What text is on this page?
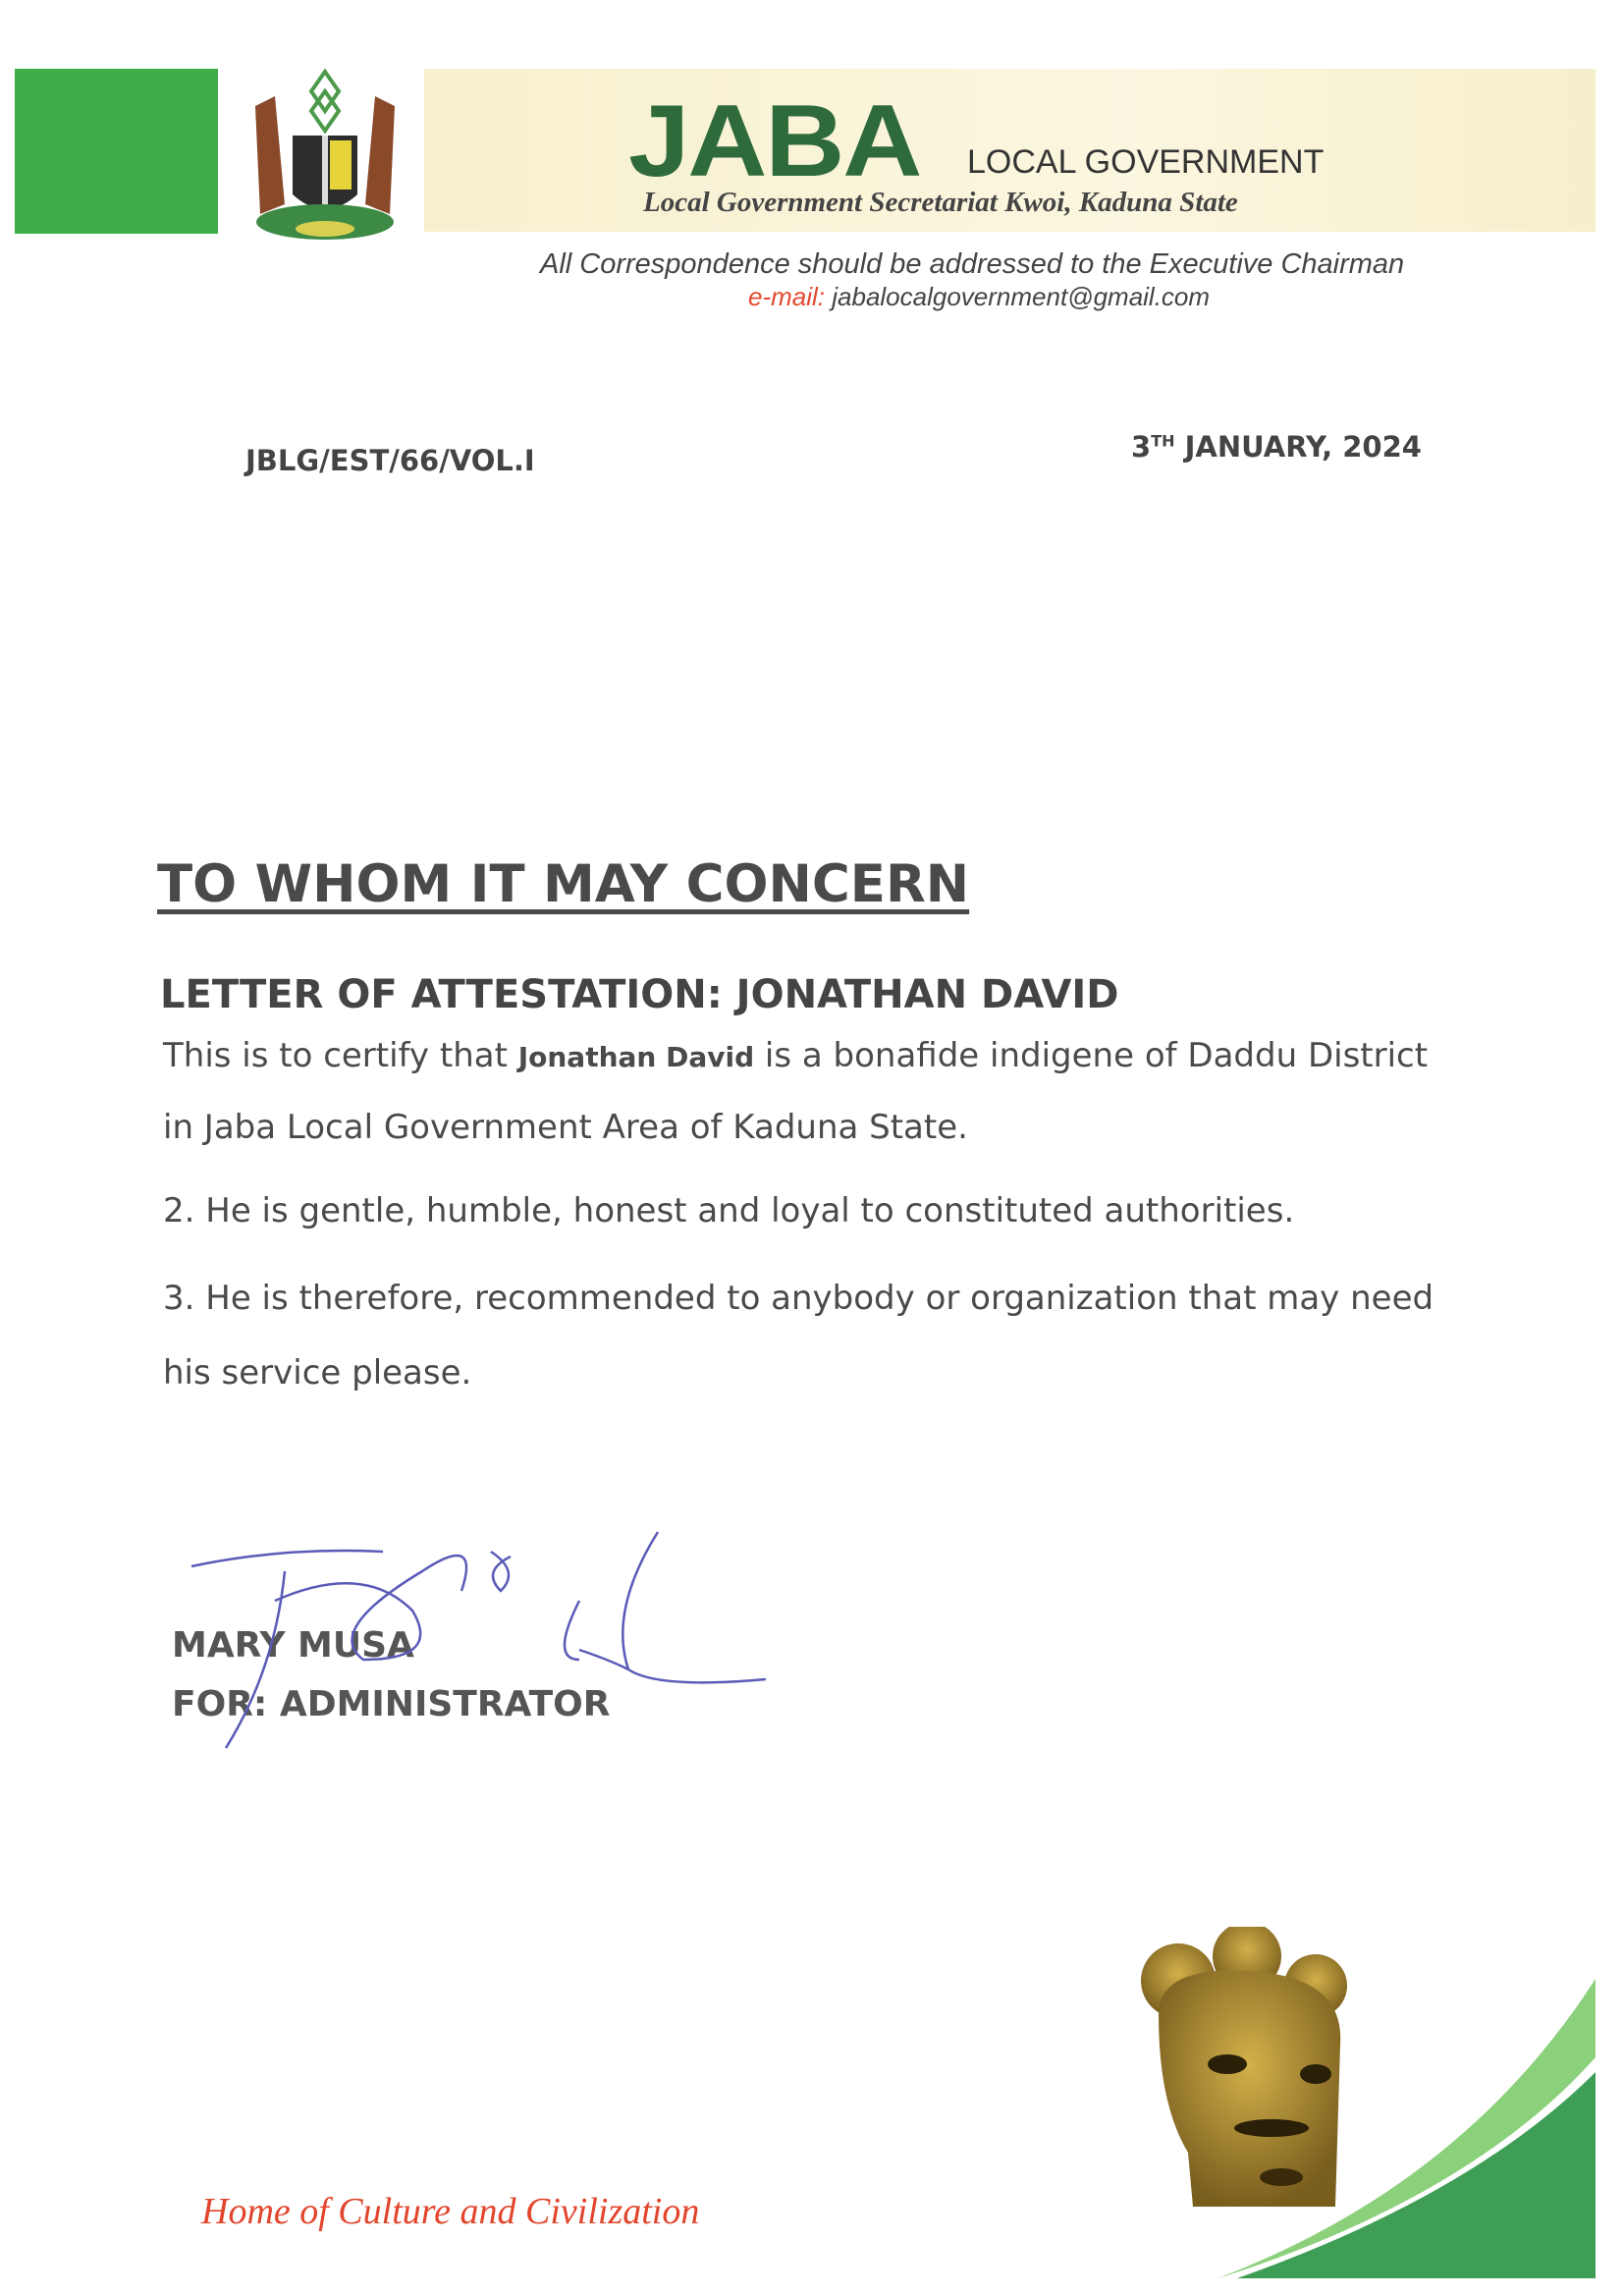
JABA LOCAL GOVERNMENT
Local Government Secretariat Kwoi, Kaduna State
All Correspondence should be addressed to the Executive Chairman
e-mail: jabalocalgovernment@gmail.com
JBLG/EST/66/VOL.I	3TH JANUARY, 2024
TO WHOM IT MAY CONCERN
LETTER OF ATTESTATION: JONATHAN DAVID
This is to certify that Jonathan David is a bonafide indigene of Daddu District
in Jaba Local Government Area of Kaduna State.
2. He is gentle, humble, honest and loyal to constituted authorities.
3. He is therefore, recommended to anybody or organization that may need
his service please.
MARY MUSA
FOR: ADMINISTRATOR
Home of Culture and Civilization
